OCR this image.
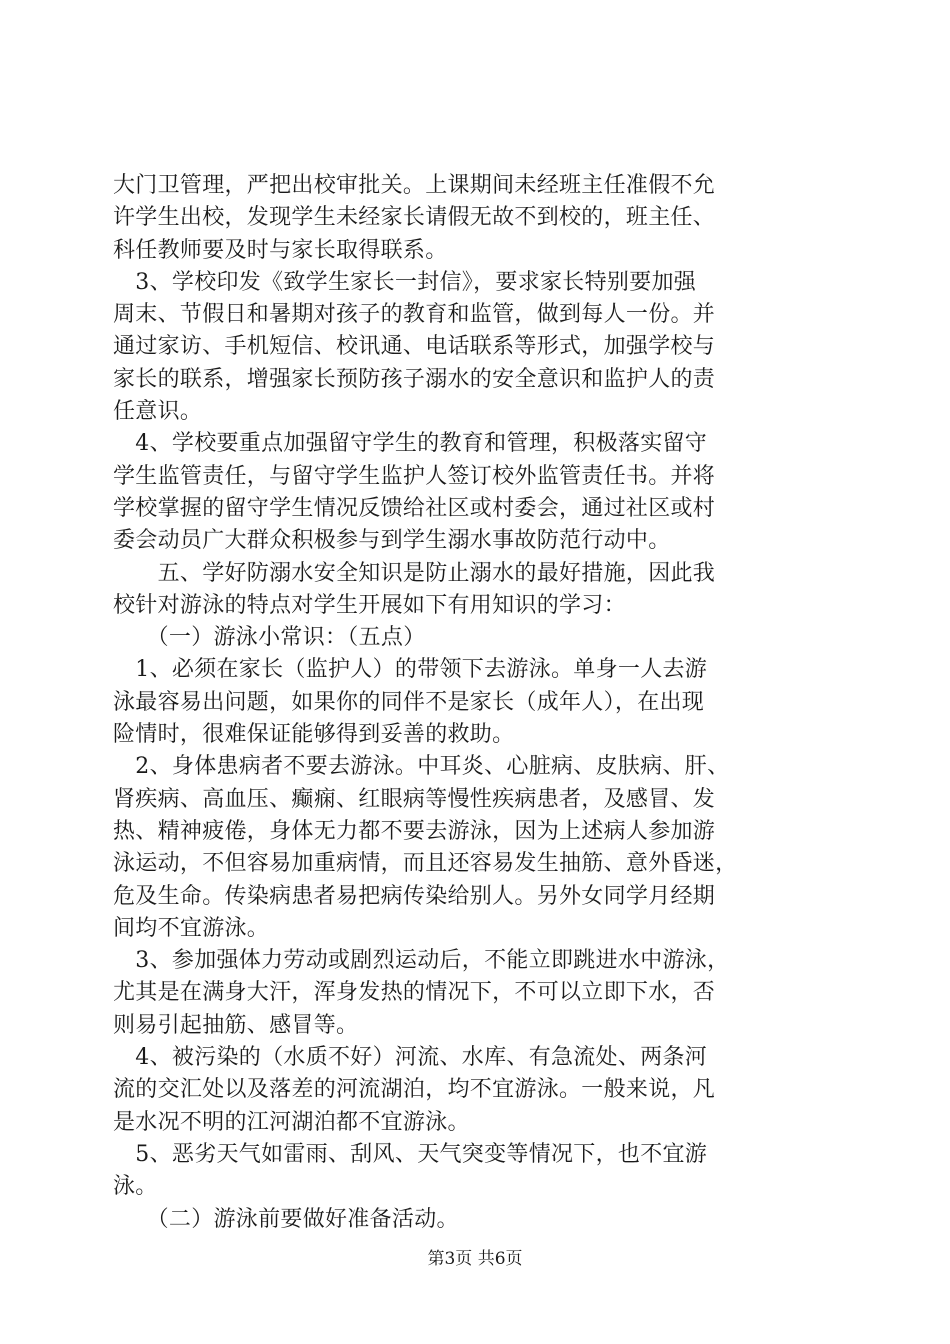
大门卫管理，严把出校审批关。上课期间未经班主任准假不允
许学生出校，发现学生未经家长请假无故不到校的，班主任、
科任教师要及时与家长取得联系。
　3、学校印发《致学生家长一封信》，要求家长特别要加强
周末、节假日和暑期对孩子的教育和监管，做到每人一份。并
通过家访、手机短信、校讯通、电话联系等形式，加强学校与
家长的联系，增强家长预防孩子溺水的安全意识和监护人的责
任意识。
　4、学校要重点加强留守学生的教育和管理，积极落实留守
学生监管责任，与留守学生监护人签订校外监管责任书。并将
学校掌握的留守学生情况反馈给社区或村委会，通过社区或村
委会动员广大群众积极参与到学生溺水事故防范行动中。
　　五、学好防溺水安全知识是防止溺水的最好措施，因此我
校针对游泳的特点对学生开展如下有用知识的学习：
　　（一）游泳小常识：（五点）
　1、必须在家长（监护人）的带领下去游泳。单身一人去游
泳最容易出问题，如果你的同伴不是家长（成年人），在出现
险情时，很难保证能够得到妥善的救助。
　2、身体患病者不要去游泳。中耳炎、心脏病、皮肤病、肝、
肾疾病、高血压、癫痫、红眼病等慢性疾病患者，及感冒、发
热、精神疲倦，身体无力都不要去游泳，因为上述病人参加游
泳运动，不但容易加重病情，而且还容易发生抽筋、意外昏迷，
危及生命。传染病患者易把病传染给别人。另外女同学月经期
间均不宜游泳。
　3、参加强体力劳动或剧烈运动后，不能立即跳进水中游泳，
尤其是在满身大汗，浑身发热的情况下，不可以立即下水，否
则易引起抽筋、感冒等。
　4、被污染的（水质不好）河流、水库、有急流处、两条河
流的交汇处以及落差的河流湖泊，均不宜游泳。一般来说，凡
是水况不明的江河湖泊都不宜游泳。
　5、恶劣天气如雷雨、刮风、天气突变等情况下，也不宜游
泳。
　　（二）游泳前要做好准备活动。
第3页 共6页
